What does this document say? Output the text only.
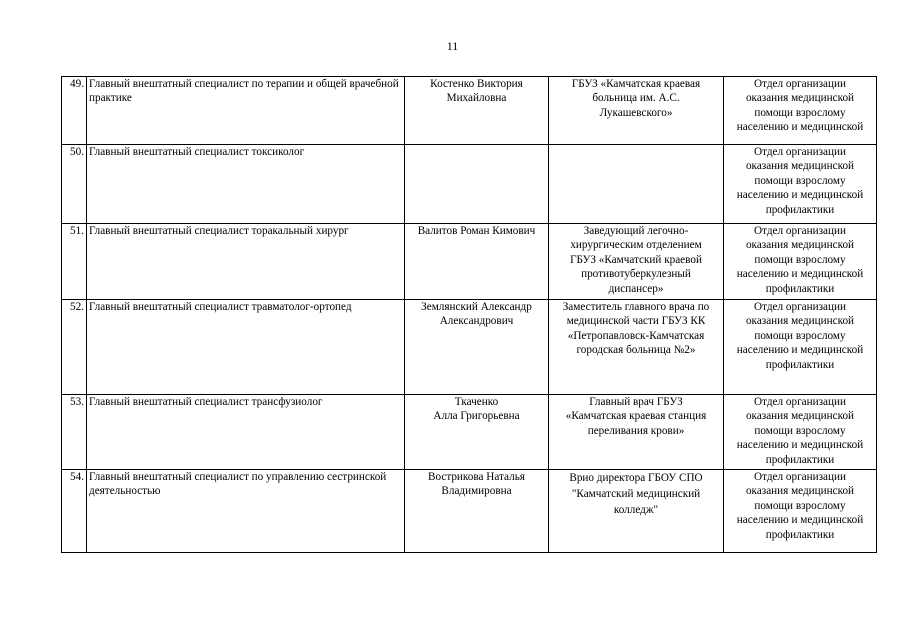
11
49.	Главный внештатный специалист по терапии и общей врачебной практике	Костенко Виктория
Михайловна	ГБУЗ «Камчатская краевая
больница им. А.С.
Лукашевского»	Отдел организации
оказания медицинской
помощи взрослому
населению и медицинской

50.	Главный внештатный специалист токсиколог			Отдел организации
оказания медицинской
помощи взрослому
населению и медицинской
профилактики

51.	Главный внештатный специалист торакальный хирург	Валитов Роман Кимович	Заведующий легочно-
хирургическим отделением
ГБУЗ «Камчатский краевой
противотуберкулезный
диспансер»	Отдел организации
оказания медицинской
помощи взрослому
населению и медицинской
профилактики

52.	Главный внештатный специалист травматолог-ортопед	Землянский Александр
Александрович	Заместитель главного врача по
медицинской части ГБУЗ КК
«Петропавловск-Камчатская
городская больница №2»	Отдел организации
оказания медицинской
помощи взрослому
населению и медицинской
профилактики

53.	Главный внештатный специалист трансфузиолог	Ткаченко
Алла Григорьевна	Главный врач ГБУЗ
«Камчатская краевая станция
переливания крови»	Отдел организации
оказания медицинской
помощи взрослому
населению и медицинской
профилактики

54.	Главный внештатный специалист по управлению сестринской деятельностью	Вострикова Наталья
Владимировна	Врио директора ГБОУ СПО
"Камчатский медицинский
колледж"	Отдел организации
оказания медицинской
помощи взрослому
населению и медицинской
профилактики
